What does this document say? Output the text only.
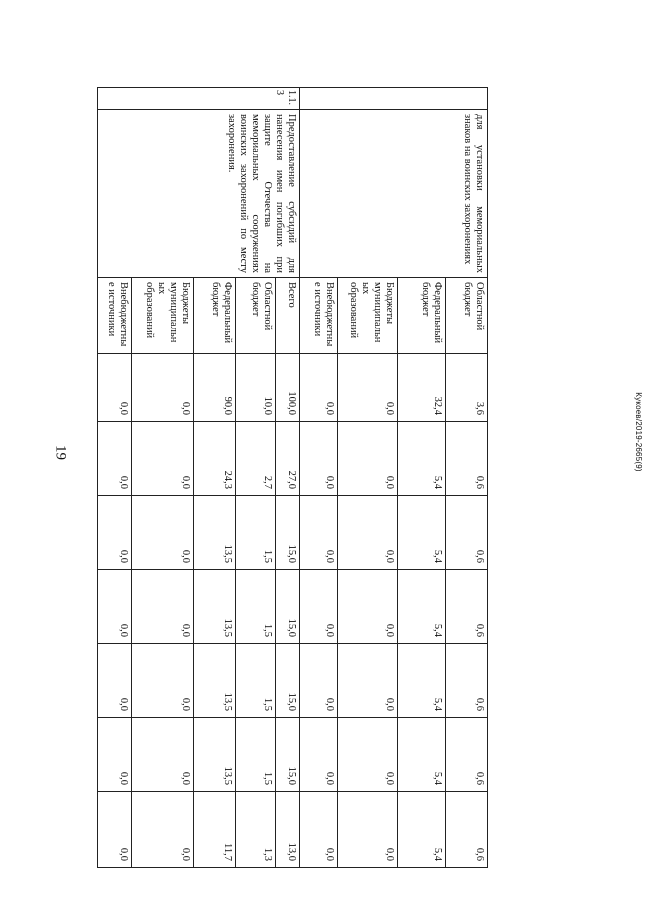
19	Кукоев/2019-2665(9)
	для установки мемориальных знаков на воинских захоронениях	Областной бюджет	3,6	0,6	0,6	0,6	0,6	0,6	0,6
		Федеральный бюджет	32,4	5,4	5,4	5,4	5,4	5,4	5,4
		Бюджеты муниципальных образований	0,0	0,0	0,0	0,0	0,0	0,0	0,0
		Внебюджетные источники	0,0	0,0	0,0	0,0	0,0	0,0	0,0
1.1.3	Предоставление субсидий для нанесения имен погибших при защите Отечества на мемориальных сооружениях воинских захоронений по месту захоронения.	Всего	100,0	27,0	15,0	15,0	15,0	15,0	13,0
		Областной бюджет	10,0	2,7	1,5	1,5	1,5	1,5	1,3
		Федеральный бюджет	90,0	24,3	13,5	13,5	13,5	13,5	11,7
		Бюджеты муниципальных образований	0,0	0,0	0,0	0,0	0,0	0,0	0,0
		Внебюджетные источники	0,0	0,0	0,0	0,0	0,0	0,0	0,0
